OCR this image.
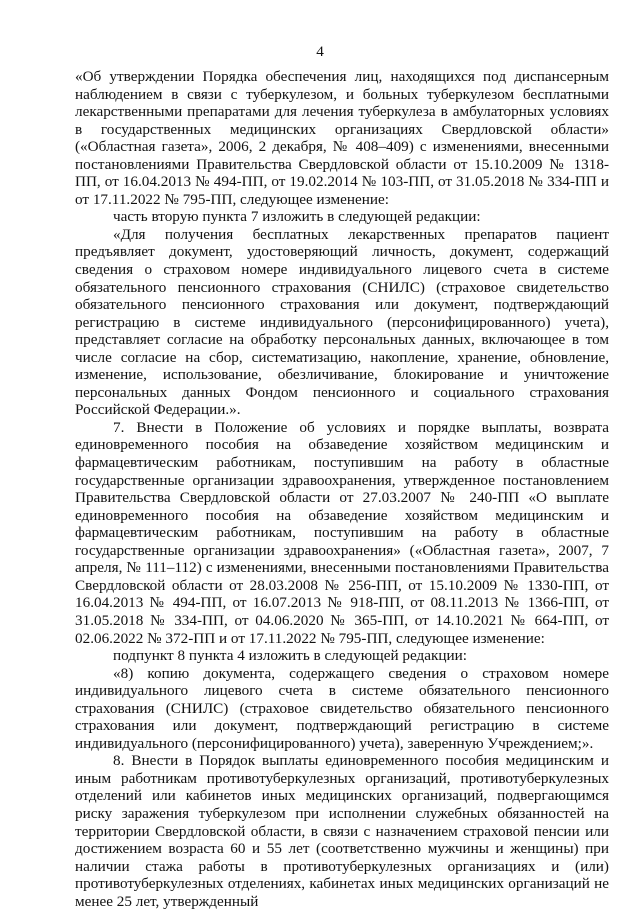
4

«Об утверждении Порядка обеспечения лиц, находящихся под диспансерным наблюдением в связи с туберкулезом, и больных туберкулезом бесплатными лекарственными препаратами для лечения туберкулеза в амбулаторных условиях в государственных медицинских организациях Свердловской области» («Областная газета», 2006, 2 декабря, № 408–409) с изменениями, внесенными постановлениями Правительства Свердловской области от 15.10.2009 № 1318-ПП, от 16.04.2013 № 494-ПП, от 19.02.2014 № 103-ПП, от 31.05.2018 № 334-ПП и от 17.11.2022 № 795-ПП, следующее изменение:

часть вторую пункта 7 изложить в следующей редакции:

«Для получения бесплатных лекарственных препаратов пациент предъявляет документ, удостоверяющий личность, документ, содержащий сведения о страховом номере индивидуального лицевого счета в системе обязательного пенсионного страхования (СНИЛС) (страховое свидетельство обязательного пенсионного страхования или документ, подтверждающий регистрацию в системе индивидуального (персонифицированного) учета), представляет согласие на обработку персональных данных, включающее в том числе согласие на сбор, систематизацию, накопление, хранение, обновление, изменение, использование, обезличивание, блокирование и уничтожение персональных данных Фондом пенсионного и социального страхования Российской Федерации.».

7. Внести в Положение об условиях и порядке выплаты, возврата единовременного пособия на обзаведение хозяйством медицинским и фармацевтическим работникам, поступившим на работу в областные государственные организации здравоохранения, утвержденное постановлением Правительства Свердловской области от 27.03.2007 № 240-ПП «О выплате единовременного пособия на обзаведение хозяйством медицинским и фармацевтическим работникам, поступившим на работу в областные государственные организации здравоохранения» («Областная газета», 2007, 7 апреля, № 111–112) с изменениями, внесенными постановлениями Правительства Свердловской области от 28.03.2008 № 256-ПП, от 15.10.2009 № 1330-ПП, от 16.04.2013 № 494-ПП, от 16.07.2013 № 918-ПП, от 08.11.2013 № 1366-ПП, от 31.05.2018 № 334-ПП, от 04.06.2020 № 365-ПП, от 14.10.2021 № 664-ПП, от 02.06.2022 № 372-ПП и от 17.11.2022 № 795-ПП, следующее изменение:

подпункт 8 пункта 4 изложить в следующей редакции:

«8) копию документа, содержащего сведения о страховом номере индивидуального лицевого счета в системе обязательного пенсионного страхования (СНИЛС) (страховое свидетельство обязательного пенсионного страхования или документ, подтверждающий регистрацию в системе индивидуального (персонифицированного) учета), заверенную Учреждением;».

8. Внести в Порядок выплаты единовременного пособия медицинским и иным работникам противотуберкулезных организаций, противотуберкулезных отделений или кабинетов иных медицинских организаций, подвергающимся риску заражения туберкулезом при исполнении служебных обязанностей на территории Свердловской области, в связи с назначением страховой пенсии или достижением возраста 60 и 55 лет (соответственно мужчины и женщины) при наличии стажа работы в противотуберкулезных организациях и (или) противотуберкулезных отделениях, кабинетах иных медицинских организаций не менее 25 лет, утвержденный
